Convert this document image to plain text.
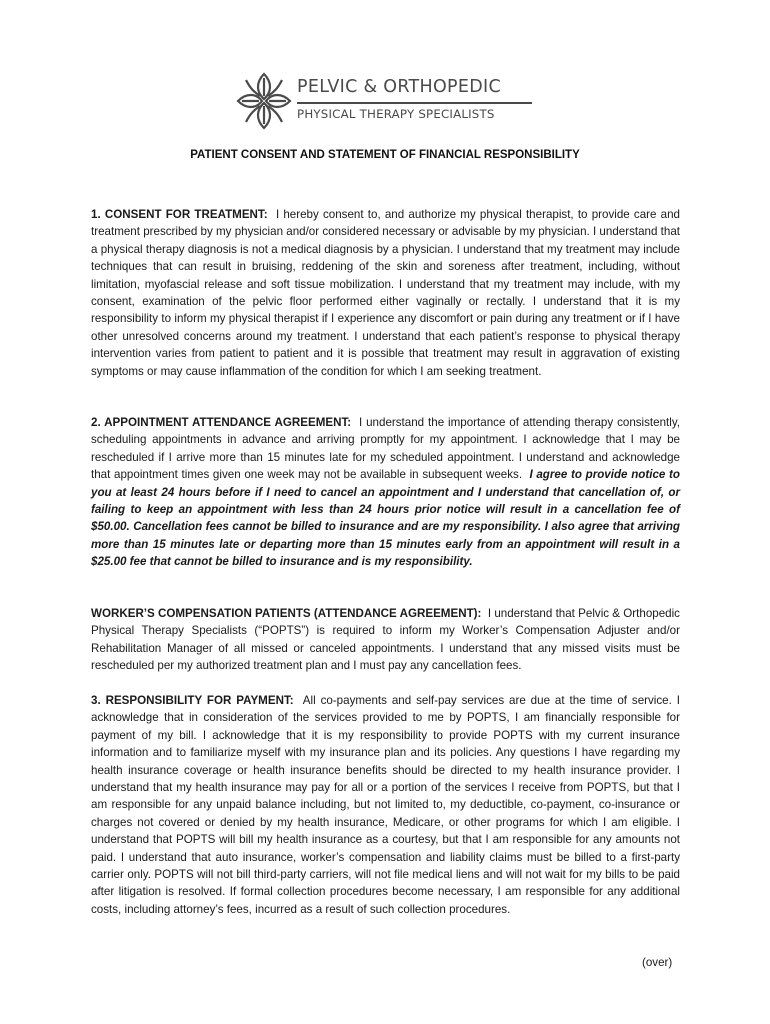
PELVIC & ORTHOPEDIC
PHYSICAL THERAPY SPECIALISTS
PATIENT CONSENT AND STATEMENT OF FINANCIAL RESPONSIBILITY

1. CONSENT FOR TREATMENT: I hereby consent to, and authorize my physical therapist, to provide care and treatment prescribed by my physician and/or considered necessary or advisable by my physician. I understand that a physical therapy diagnosis is not a medical diagnosis by a physician. I understand that my treatment may include techniques that can result in bruising, reddening of the skin and soreness after treatment, including, without limitation, myofascial release and soft tissue mobilization. I understand that my treatment may include, with my consent, examination of the pelvic floor performed either vaginally or rectally. I understand that it is my responsibility to inform my physical therapist if I experience any discomfort or pain during any treatment or if I have other unresolved concerns around my treatment. I understand that each patient’s response to physical therapy intervention varies from patient to patient and it is possible that treatment may result in aggravation of existing symptoms or may cause inflammation of the condition for which I am seeking treatment.

2. APPOINTMENT ATTENDANCE AGREEMENT: I understand the importance of attending therapy consistently, scheduling appointments in advance and arriving promptly for my appointment. I acknowledge that I may be rescheduled if I arrive more than 15 minutes late for my scheduled appointment. I understand and acknowledge that appointment times given one week may not be available in subsequent weeks. I agree to provide notice to you at least 24 hours before if I need to cancel an appointment and I understand that cancellation of, or failing to keep an appointment with less than 24 hours prior notice will result in a cancellation fee of $50.00. Cancellation fees cannot be billed to insurance and are my responsibility. I also agree that arriving more than 15 minutes late or departing more than 15 minutes early from an appointment will result in a $25.00 fee that cannot be billed to insurance and is my responsibility.

WORKER’S COMPENSATION PATIENTS (ATTENDANCE AGREEMENT): I understand that Pelvic & Orthopedic Physical Therapy Specialists (“POPTS”) is required to inform my Worker’s Compensation Adjuster and/or Rehabilitation Manager of all missed or canceled appointments. I understand that any missed visits must be rescheduled per my authorized treatment plan and I must pay any cancellation fees.

3. RESPONSIBILITY FOR PAYMENT: All co-payments and self-pay services are due at the time of service. I acknowledge that in consideration of the services provided to me by POPTS, I am financially responsible for payment of my bill. I acknowledge that it is my responsibility to provide POPTS with my current insurance information and to familiarize myself with my insurance plan and its policies. Any questions I have regarding my health insurance coverage or health insurance benefits should be directed to my health insurance provider. I understand that my health insurance may pay for all or a portion of the services I receive from POPTS, but that I am responsible for any unpaid balance including, but not limited to, my deductible, co-payment, co-insurance or charges not covered or denied by my health insurance, Medicare, or other programs for which I am eligible. I understand that POPTS will bill my health insurance as a courtesy, but that I am responsible for any amounts not paid. I understand that auto insurance, worker’s compensation and liability claims must be billed to a first-party carrier only. POPTS will not bill third-party carriers, will not file medical liens and will not wait for my bills to be paid after litigation is resolved. If formal collection procedures become necessary, I am responsible for any additional costs, including attorney’s fees, incurred as a result of such collection procedures.

(over)
